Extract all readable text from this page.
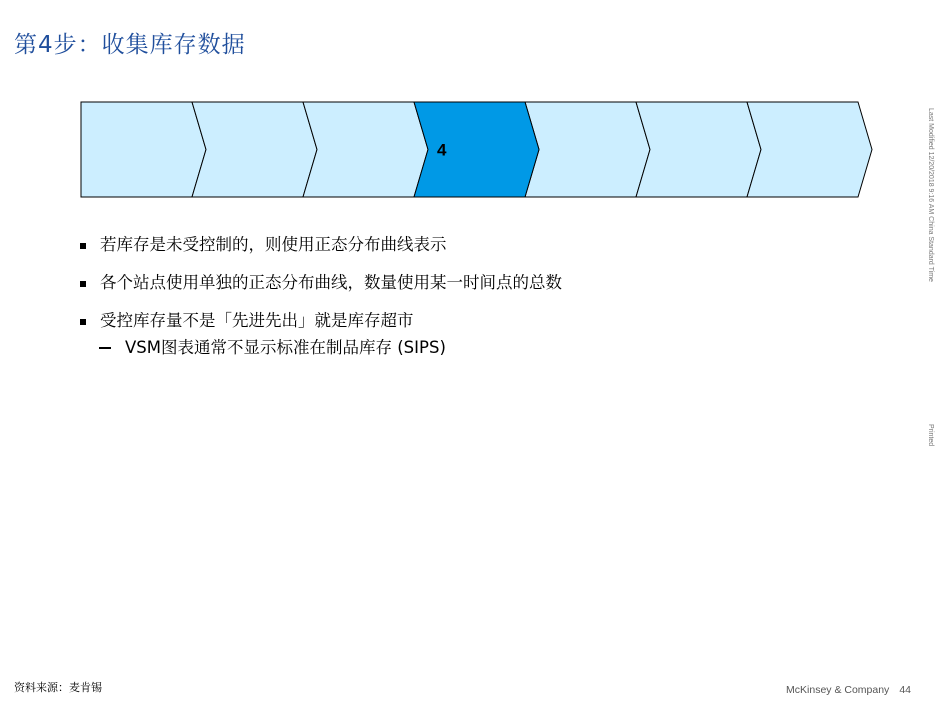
第4步：收集库存数据
4
若库存是未受控制的，则使用正态分布曲线表示
各个站点使用单独的正态分布曲线，数量使用某一时间点的总数
受控库存量不是「先进先出」就是库存超市
VSM图表通常不显示标准在制品库存 (SIPS)
Last Modified 12/20/2018 9:16 AM China Standard Time
Printed
资料来源：麦肯锡	McKinsey & Company 44
